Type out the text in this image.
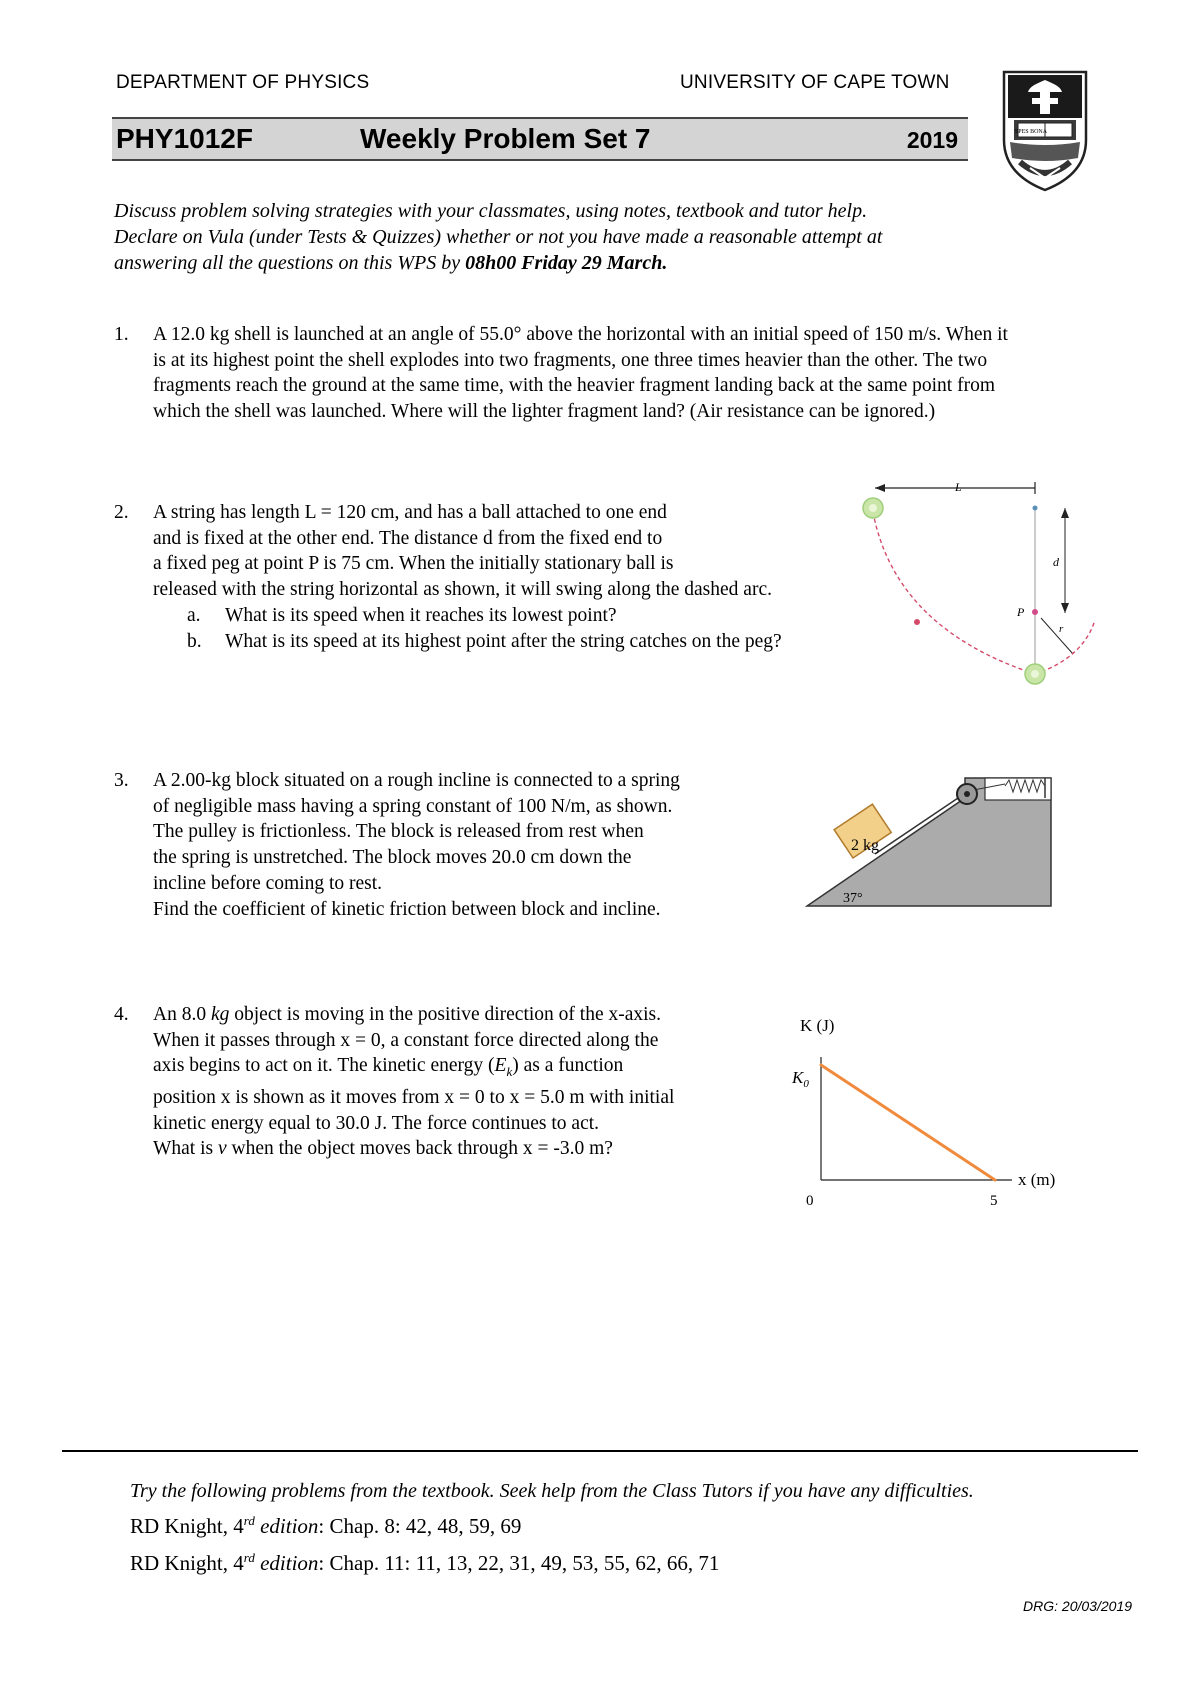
DEPARTMENT OF PHYSICS	UNIVERSITY OF CAPE TOWN
PHY1012F	Weekly Problem Set 7	2019	SPES BONA
Discuss problem solving strategies with your classmates, using notes, textbook and tutor help.
Declare on Vula (under Tests & Quizzes) whether or not you have made a reasonable attempt at
answering all the questions on this WPS by 08h00 Friday 29 March.
1. A 12.0 kg shell is launched at an angle of 55.0° above the horizontal with an initial speed of 150 m/s. When it
is at its highest point the shell explodes into two fragments, one three times heavier than the other. The two
fragments reach the ground at the same time, with the heavier fragment landing back at the same point from
which the shell was launched. Where will the lighter fragment land? (Air resistance can be ignored.)
2. A string has length L = 120 cm, and has a ball attached to one end
and is fixed at the other end. The distance d from the fixed end to
a fixed peg at point P is 75 cm. When the initially stationary ball is
released with the string horizontal as shown, it will swing along the dashed arc.
a.	What is its speed when it reaches its lowest point?
b.	What is its speed at its highest point after the string catches on the peg?
L
d
P
r
3. A 2.00-kg block situated on a rough incline is connected to a spring
of negligible mass having a spring constant of 100 N/m, as shown.
The pulley is frictionless. The block is released from rest when
the spring is unstretched. The block moves 20.0 cm down the
incline before coming to rest.
Find the coefficient of kinetic friction between block and incline.
2 kg
37°
4. An 8.0 kg object is moving in the positive direction of the x-axis.
When it passes through x = 0, a constant force directed along the
axis begins to act on it. The kinetic energy $(E_k)$ as a function
position x is shown as it moves from x = 0 to x = 5.0 m with initial
kinetic energy equal to 30.0 J. The force continues to act.
What is v when the object moves back through x = -3.0 m?
K (J)
x (m)
$K_0$
0	5
Try the following problems from the textbook. Seek help from the Class Tutors if you have any difficulties.
RD Knight, 4rd edition: Chap. 8: 42, 48, 59, 69
RD Knight, 4rd edition: Chap. 11: 11, 13, 22, 31, 49, 53, 55, 62, 66, 71
DRG: 20/03/2019
